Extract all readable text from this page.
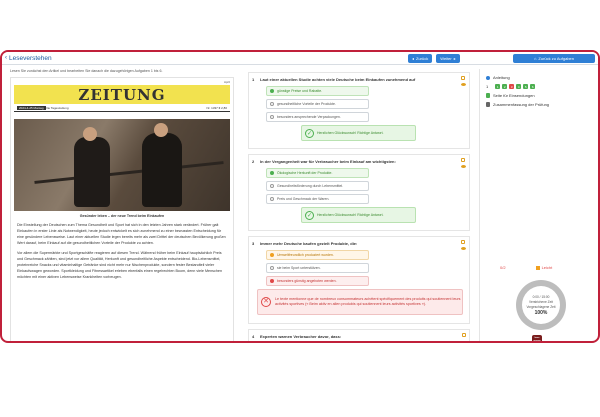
‹ Leseverstehen	◂ Zurück	Weiter ▸	⌂ Zurück zu Aufgaben
Lesen Sie zunächst den Artikel und bearbeiten Sie danach die dazugehörigen Aufgaben 1 bis 6.
April
ZEITUNG
2024-4-25 Montag Die Tageszeitung	Nr. 1337 € 2,80
Gesünder leben – der neue Trend beim Einkaufen

Die Einstellung der Deutschen zum Thema Gesundheit und Sport hat sich in den letzten Jahren stark verändert. Früher galt Einkaufen in erster Linie als Notwendigkeit, heute jedoch entwickelt es sich zunehmend zu einer bewussten Entscheidung für eine gesündere Lebensweise. Laut einer aktuellen Studie legen bereits mehr als zwei Drittel der deutschen Bevölkerung großen Wert darauf, beim Einkauf auf die gesundheitlichen Vorteile der Produkte zu achten.

Vor allem die Supermärkte und Sportgeschäfte reagieren auf diesen Trend. Während früher beim Einkauf hauptsächlich Preis und Geschmack zählten, sind jetzt vor allem Qualität, Herkunft und gesundheitliche Aspekte entscheidend. Bio-Lebensmittel, proteinreiche Snacks und vitaminhaltige Getränke sind nicht mehr nur Nischenprodukte, sondern fester Bestandteil vieler Einkaufswagen geworden. Sportkleidung und Fitnessartikel erleben ebenfalls einen regelrechten Boom, denn viele Menschen möchten mit einer aktiven Lebensweise Krankheiten vorbeugen.

1	Laut einer aktuellen Studie achten viele Deutsche beim Einkaufen zunehmend auf
günstige Preise und Rabatte.
gesundheitliche Vorteile der Produkte.
besonders ansprechende Verpackungen.
✓	Herzlichen Glückwunsch! Richtige Antwort.
2	In der Vergangenheit war für Verbraucher beim Einkauf am wichtigsten:
Ökologische Herkunft der Produkte.
Gesundheitsförderung durch Lebensmittel.
Preis und Geschmack der Waren.
✓	Herzlichen Glückwunsch! Richtige Antwort.
3	Immer mehr Deutsche kaufen gezielt Produkte, die:
Umweltfreundlich produziert wurden.
sie beim Sport unterstützen.
besonders günstig angeboten werden.
✕	Le texte mentionne que de nombreux consommateurs achètent spécifiquement des produits qui soutiennent leurs activités sportives (« Beim aktiv en allen produkts qui soutiennent leurs activités sportives »).
4	Experten warnen Verbraucher davor, dass:
Anleitung
1	1	2	3	4	5	6
Seite für Einsendungen
Zusammenfassung der Prüfung
0/2	Leicht
0:00 / 15:00
Verstrichene Zeit
Vorgeschlagene Zeit
100%
learn german
